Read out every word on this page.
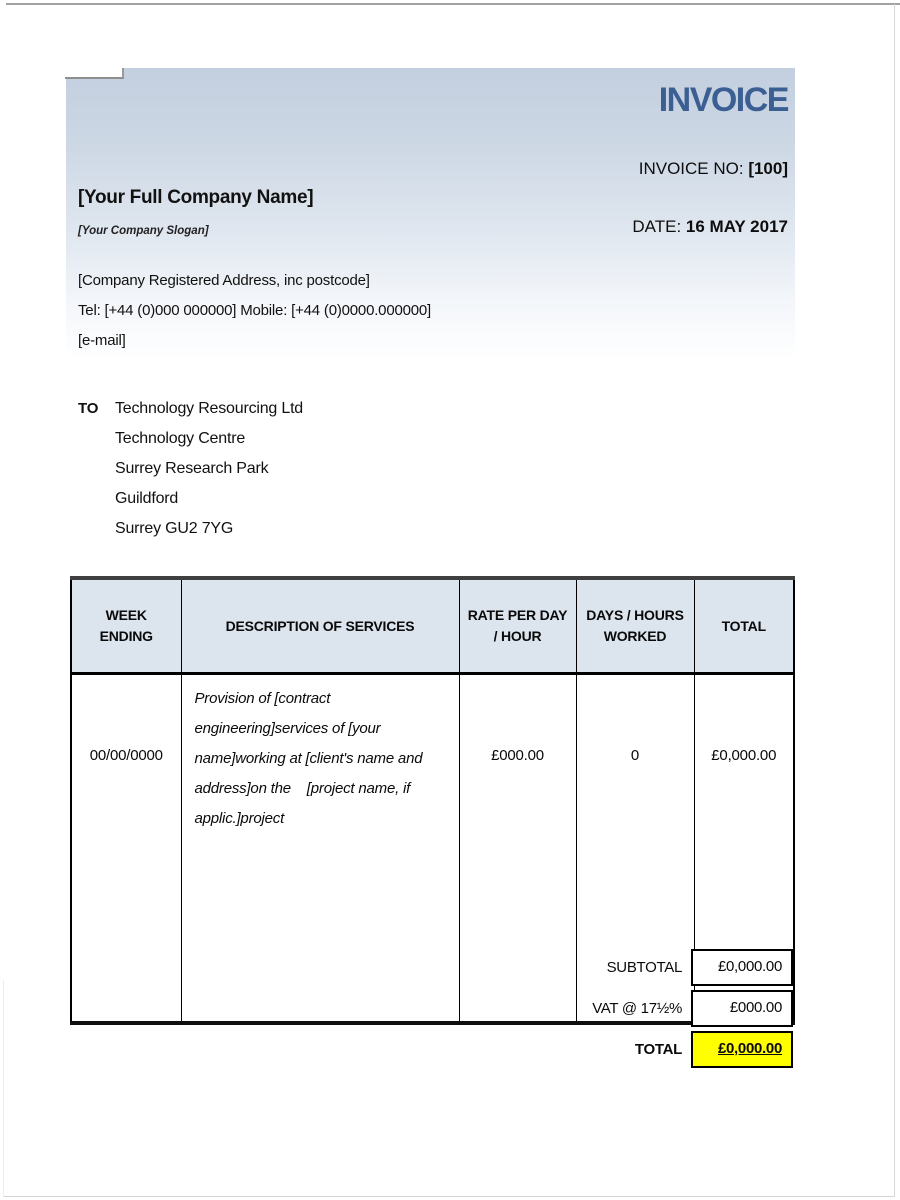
INVOICE
INVOICE NO: [100]
[Your Full Company Name]
[Your Company Slogan]	DATE: 16 MAY 2017
[Company Registered Address, inc postcode]
Tel: [+44 (0)000 000000] Mobile: [+44 (0)0000.000000]
[e-mail]
TO	Technology Resourcing Ltd
Technology Centre
Surrey Research Park
Guildford
Surrey GU2 7YG
WEEK ENDING	DESCRIPTION OF SERVICES	RATE PER DAY / HOUR	DAYS / HOURS WORKED	TOTAL
00/00/0000	Provision of [contract engineering]services of [your name]working at [client's name and address]on the    [project name, if applic.]project	£000.00	0	£0,000.00
SUBTOTAL	£0,000.00
VAT @ 17½%	£000.00
TOTAL	£0,000.00
